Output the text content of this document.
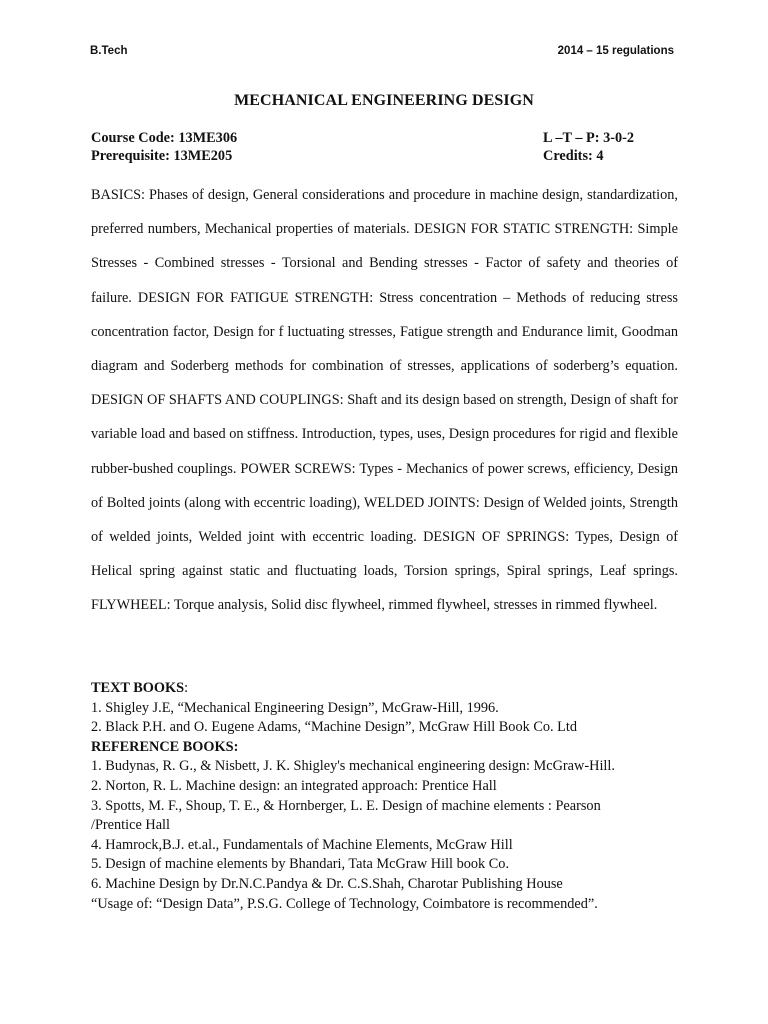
B.Tech	2014 – 15 regulations
MECHANICAL ENGINEERING DESIGN
Course Code: 13ME306	L –T – P: 3-0-2
Prerequisite: 13ME205	Credits: 4

BASICS: Phases of design, General considerations and procedure in machine design, standardization, preferred numbers, Mechanical properties of materials. DESIGN FOR STATIC STRENGTH: Simple Stresses - Combined stresses - Torsional and Bending stresses - Factor of safety and theories of failure. DESIGN FOR FATIGUE STRENGTH: Stress concentration – Methods of reducing stress concentration factor, Design for f luctuating stresses, Fatigue strength and Endurance limit, Goodman diagram and Soderberg methods for combination of stresses, applications of soderberg’s equation. DESIGN OF SHAFTS AND COUPLINGS: Shaft and its design based on strength, Design of shaft for variable load and based on stiffness. Introduction, types, uses, Design procedures for rigid and flexible rubber-bushed couplings. POWER SCREWS: Types - Mechanics of power screws, efficiency, Design of Bolted joints (along with eccentric loading), WELDED JOINTS: Design of Welded joints, Strength of welded joints, Welded joint with eccentric loading. DESIGN OF SPRINGS: Types, Design of Helical spring against static and fluctuating loads, Torsion springs, Spiral springs, Leaf springs. FLYWHEEL: Torque analysis, Solid disc flywheel, rimmed flywheel, stresses in rimmed flywheel.

TEXT BOOKS:
1. Shigley J.E, “Mechanical Engineering Design”, McGraw-Hill, 1996.
2. Black P.H. and O. Eugene Adams, “Machine Design”, McGraw Hill Book Co. Ltd
REFERENCE BOOKS:
1. Budynas, R. G., & Nisbett, J. K. Shigley's mechanical engineering design: McGraw-Hill.
2. Norton, R. L. Machine design: an integrated approach: Prentice Hall
3. Spotts, M. F., Shoup, T. E., & Hornberger, L. E. Design of machine elements : Pearson
/Prentice Hall
4. Hamrock,B.J. et.al., Fundamentals of Machine Elements, McGraw Hill
5. Design of machine elements by Bhandari, Tata McGraw Hill book Co.
6. Machine Design by Dr.N.C.Pandya & Dr. C.S.Shah, Charotar Publishing House
“Usage of: “Design Data”, P.S.G. College of Technology, Coimbatore is recommended”.
